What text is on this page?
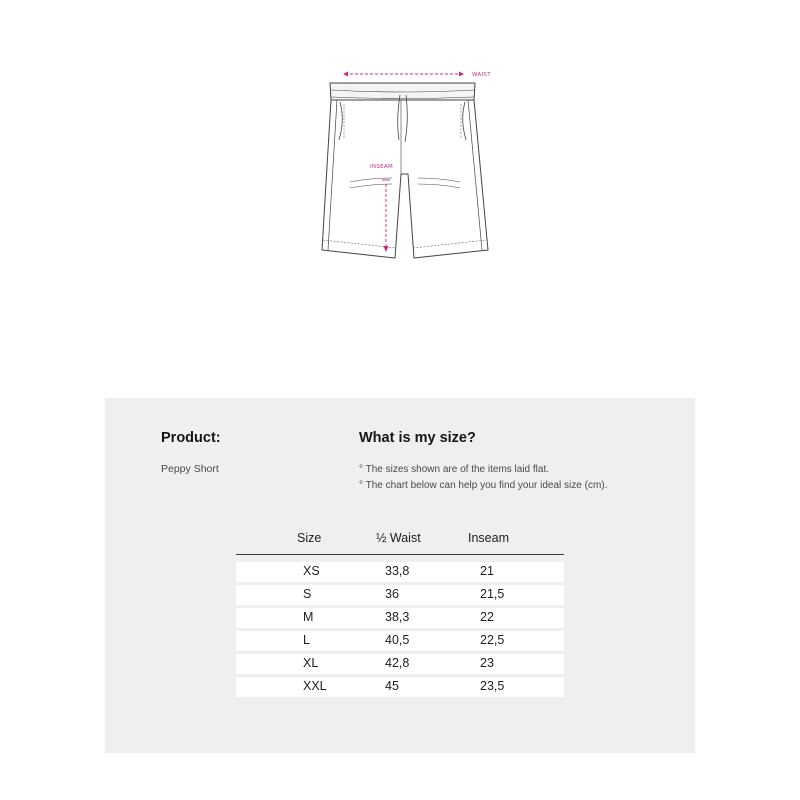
WAIST
INSEAM
Product:
Peppy Short
What is my size?
° The sizes shown are of the items laid flat.
° The chart below can help you find your ideal size (cm).
Size	½ Waist	Inseam
XS	33,8	21
S	36	21,5
M	38,3	22
L	40,5	22,5
XL	42,8	23
XXL	45	23,5
